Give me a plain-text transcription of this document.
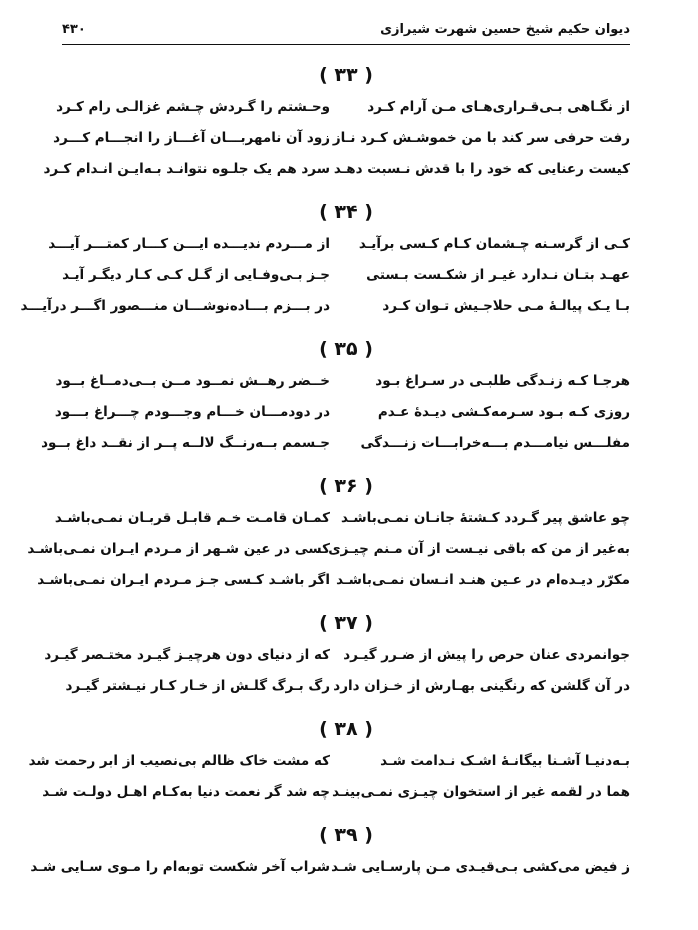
دیوان حکیم شیخ حسین شهرت شیرازی
۴۳۰
( ۳۳ )
از نگـاهی بـی‌قـراری‌هـای مـن آرام کـرد
وحـشتم را گـردش چـشم غزالـی رام کـرد
رفت حرفی سر کند با من خموشـش کـرد نـاز
زود آن نامهربـــان آغـــاز را انجـــام کـــرد
کیست رعنایی که خود را با قدش نـسبت دهـد
سرد هم یک جلـوه نتوانـد بـه‌ایـن انـدام کـرد
( ۳۴ )
کـی از گرسـنه چـشمان کـام کـسی برآیـد
از مـــردم ندیـــده ایـــن کـــار کمتـــر آیـــد
عهـد بتـان نـدارد غیـر از شکـست بـستی
جـز بـی‌وفـایی از گـل کـی کـار دیگـر آیـد
بـا یـک پیالـهٔ مـی حلاجـیش تـوان کـرد
در بـــزم بـــاده‌نوشـــان منـــصور اگـــر درآیـــد
( ۳۵ )
هرجـا کـه زنـدگی طلبـی در سـراغ بـود
خــضر رهــش نمــود مــن بــی‌دمــاغ بــود
روزی کـه بـود سـرمه‌کـشی دیـدهٔ عـدم
در دودمـــان خـــام وجـــودم چـــراغ بـــود
مفلـــس نیامـــدم بـــه‌خرابـــات زنـــدگی
جـسمم بــه‌رنــگ لالــه پــر از نقــد داغ بــود
( ۳۶ )
چو عاشق پیر گـردد کـشتهٔ جانـان نمـی‌باشـد
کمـان قامـت خـم قابـل قربـان نمـی‌باشـد
به‌غیر از من که باقی نیـست از آن مـنم چیـزی
کسی در عین شـهر از مـردم ایـران نمـی‌باشـد
مکرّر دیـده‌ام در عـین هنـد انـسان نمـی‌باشـد
اگر باشـد کـسی جـز مـردم ایـران نمـی‌باشـد
( ۳۷ )
جوانمردی عنان حرص را پیش از ضـرر گیـرد
که از دنیای دون هرچیـز گیـرد مختـصر گیـرد
در آن گلشن که رنگینی بهـارش از خـزان دارد
رگ بـرگ گلـش از خـار کـار نیـشتر گیـرد
( ۳۸ )
بـه‌دنیـا آشـنا بیگانـهٔ اشـک نـدامت شـد
که مشت خاک ظالم بی‌نصیب از ابر رحمت شد
هما در لقمه غیر از استخوان چیـزی نمـی‌بینـد
چه شد گر نعمت دنیا به‌کـام اهـل دولـت شـد
( ۳۹ )
ز فیض می‌کشی بـی‌قیـدی مـن پارسـایی شـد
شراب آخر شکست توبه‌ام را مـوی سـایی شـد
